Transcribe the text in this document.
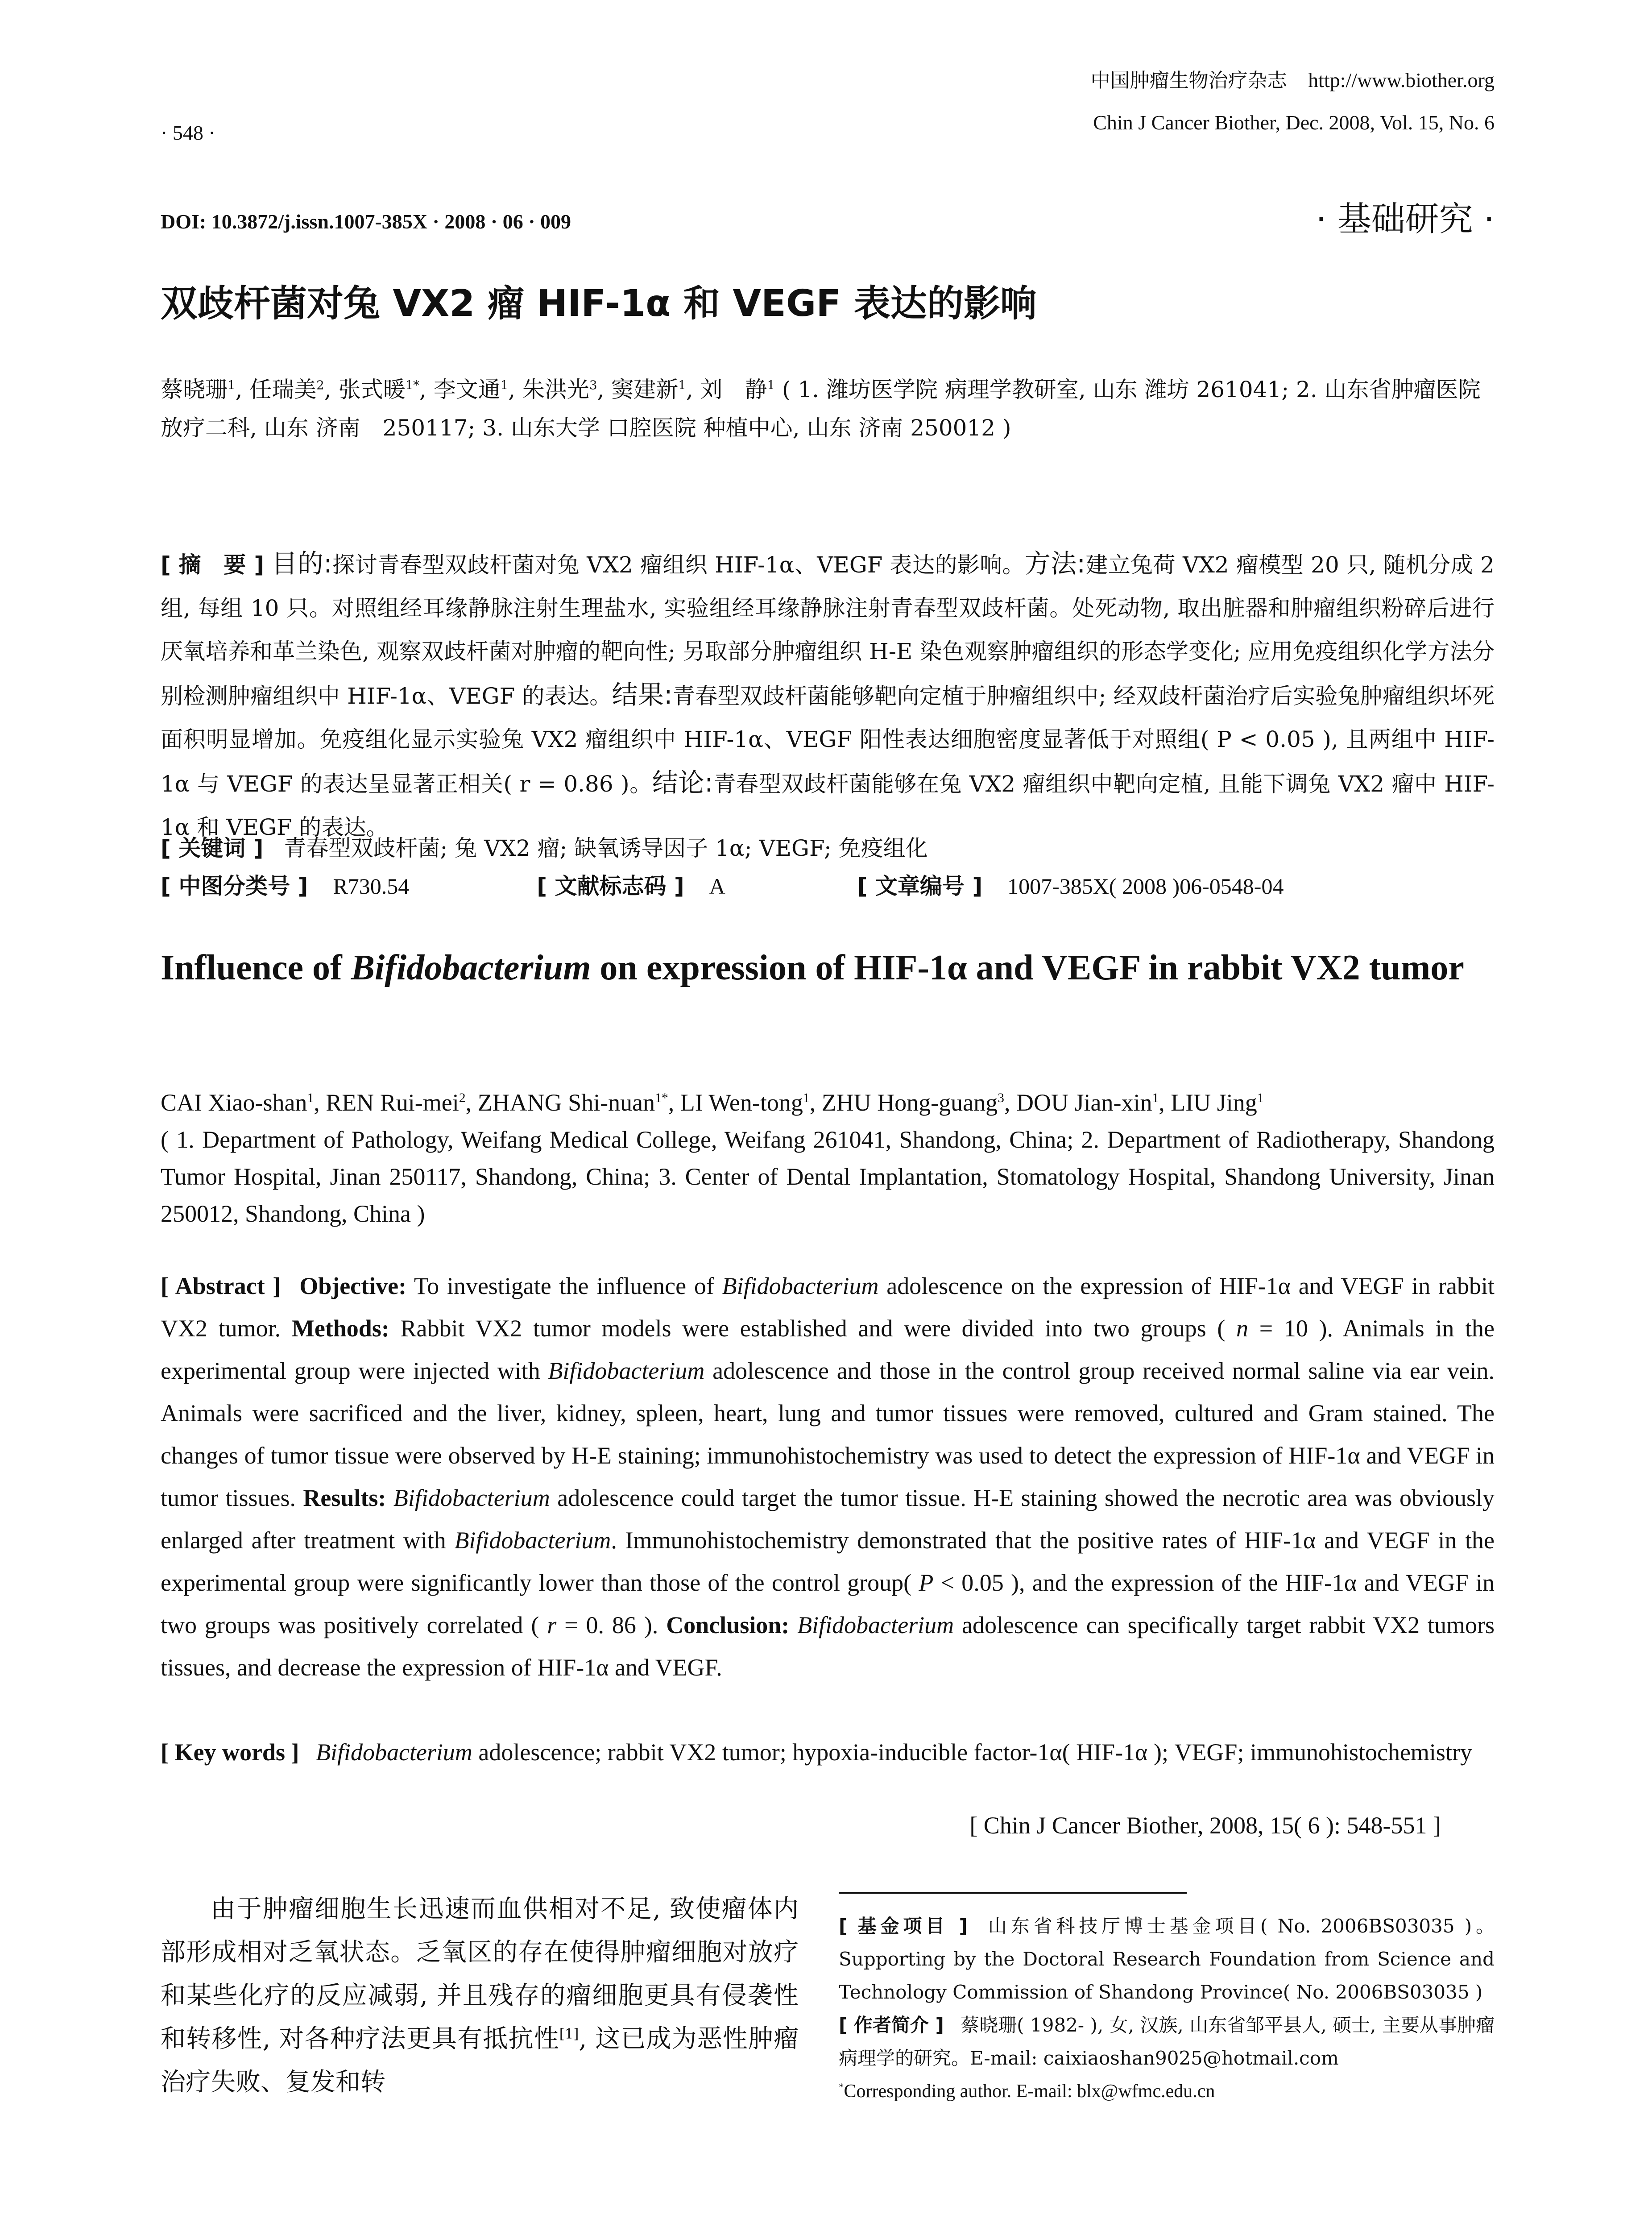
中国肿瘤生物治疗杂志 http://www.biother.org
· 548 ·	Chin J Cancer Biother, Dec. 2008, Vol. 15, No. 6
DOI: 10.3872/j.issn.1007-385X · 2008 · 06 · 009	· 基础研究 ·
双歧杆菌对兔 VX2 瘤 HIF-1α 和 VEGF 表达的影响
蔡晓珊$^1$, 任瑞美$^2$, 张式暖$^{1*}$, 李文通$^1$, 朱洪光$^3$, 窦建新$^1$, 刘　静$^1$ ( 1. 潍坊医学院 病理学教研室, 山东 潍坊 261041; 2. 山东省肿瘤医院 放疗二科, 山东 济南　250117; 3. 山东大学 口腔医院 种植中心, 山东 济南 250012 )
[ 摘　要 ] 目的:探讨青春型双歧杆菌对兔 VX2 瘤组织 HIF-1α、VEGF 表达的影响。方法:建立兔荷 VX2 瘤模型 20 只, 随机分成 2 组, 每组 10 只。对照组经耳缘静脉注射生理盐水, 实验组经耳缘静脉注射青春型双歧杆菌。处死动物, 取出脏器和肿瘤组织粉碎后进行厌氧培养和革兰染色, 观察双歧杆菌对肿瘤的靶向性; 另取部分肿瘤组织 H-E 染色观察肿瘤组织的形态学变化; 应用免疫组织化学方法分别检测肿瘤组织中 HIF-1α、VEGF 的表达。结果:青春型双歧杆菌能够靶向定植于肿瘤组织中; 经双歧杆菌治疗后实验兔肿瘤组织坏死面积明显增加。免疫组化显示实验兔 VX2 瘤组织中 HIF-1α、VEGF 阳性表达细胞密度显著低于对照组( P < 0.05 ), 且两组中 HIF-1α 与 VEGF 的表达呈显著正相关( r = 0.86 )。结论:青春型双歧杆菌能够在兔 VX2 瘤组织中靶向定植, 且能下调兔 VX2 瘤中 HIF-1α 和 VEGF 的表达。
[ 关键词 ] 青春型双歧杆菌; 兔 VX2 瘤; 缺氧诱导因子 1α; VEGF; 免疫组化
[ 中图分类号 ] R730.54	[ 文献标志码 ] A	[ 文章编号 ] 1007-385X( 2008 )06-0548-04
Influence of Bifidobacterium on expression of HIF-1α and VEGF in rabbit VX2 tumor
CAI Xiao-shan$^1$, REN Rui-mei$^2$, ZHANG Shi-nuan$^{1*}$, LI Wen-tong$^1$, ZHU Hong-guang$^3$, DOU Jian-xin$^1$, LIU Jing$^1$
( 1. Department of Pathology, Weifang Medical College, Weifang 261041, Shandong, China; 2. Department of Radiotherapy, Shandong Tumor Hospital, Jinan 250117, Shandong, China; 3. Center of Dental Implantation, Stomatology Hospital, Shandong University, Jinan 250012, Shandong, China )
[ Abstract ] Objective: To investigate the influence of Bifidobacterium adolescence on the expression of HIF-1α and VEGF in rabbit VX2 tumor. Methods: Rabbit VX2 tumor models were established and were divided into two groups ( n = 10 ). Animals in the experimental group were injected with Bifidobacterium adolescence and those in the control group received normal saline via ear vein. Animals were sacrificed and the liver, kidney, spleen, heart, lung and tumor tissues were removed, cultured and Gram stained. The changes of tumor tissue were observed by H-E staining; immunohistochemistry was used to detect the expression of HIF-1α and VEGF in tumor tissues. Results: Bifidobacterium adolescence could target the tumor tissue. H-E staining showed the necrotic area was obviously enlarged after treatment with Bifidobacterium. Immunohistochemistry demonstrated that the positive rates of HIF-1α and VEGF in the experimental group were significantly lower than those of the control group( P < 0.05 ), and the expression of the HIF-1α and VEGF in two groups was positively correlated ( r = 0. 86 ). Conclusion: Bifidobacterium adolescence can specifically target rabbit VX2 tumors tissues, and decrease the expression of HIF-1α and VEGF.
[ Key words ] Bifidobacterium adolescence; rabbit VX2 tumor; hypoxia-inducible factor-1α( HIF-1α ); VEGF; immunohistochemistry
[ Chin J Cancer Biother, 2008, 15( 6 ): 548-551 ]
由于肿瘤细胞生长迅速而血供相对不足, 致使瘤体内部形成相对乏氧状态。乏氧区的存在使得肿瘤细胞对放疗和某些化疗的反应减弱, 并且残存的瘤细胞更具有侵袭性和转移性, 对各种疗法更具有抵抗性[1], 这已成为恶性肿瘤治疗失败、复发和转
[ 基金项目 ] 山东省科技厅博士基金项目( No. 2006BS03035 )。Supporting by the Doctoral Research Foundation from Science and Technology Commission of Shandong Province( No. 2006BS03035 )
[ 作者简介 ] 蔡晓珊( 1982- ), 女, 汉族, 山东省邹平县人, 硕士, 主要从事肿瘤病理学的研究。E-mail: caixiaoshan9025@hotmail.com
*Corresponding author. E-mail: blx@wfmc.edu.cn
